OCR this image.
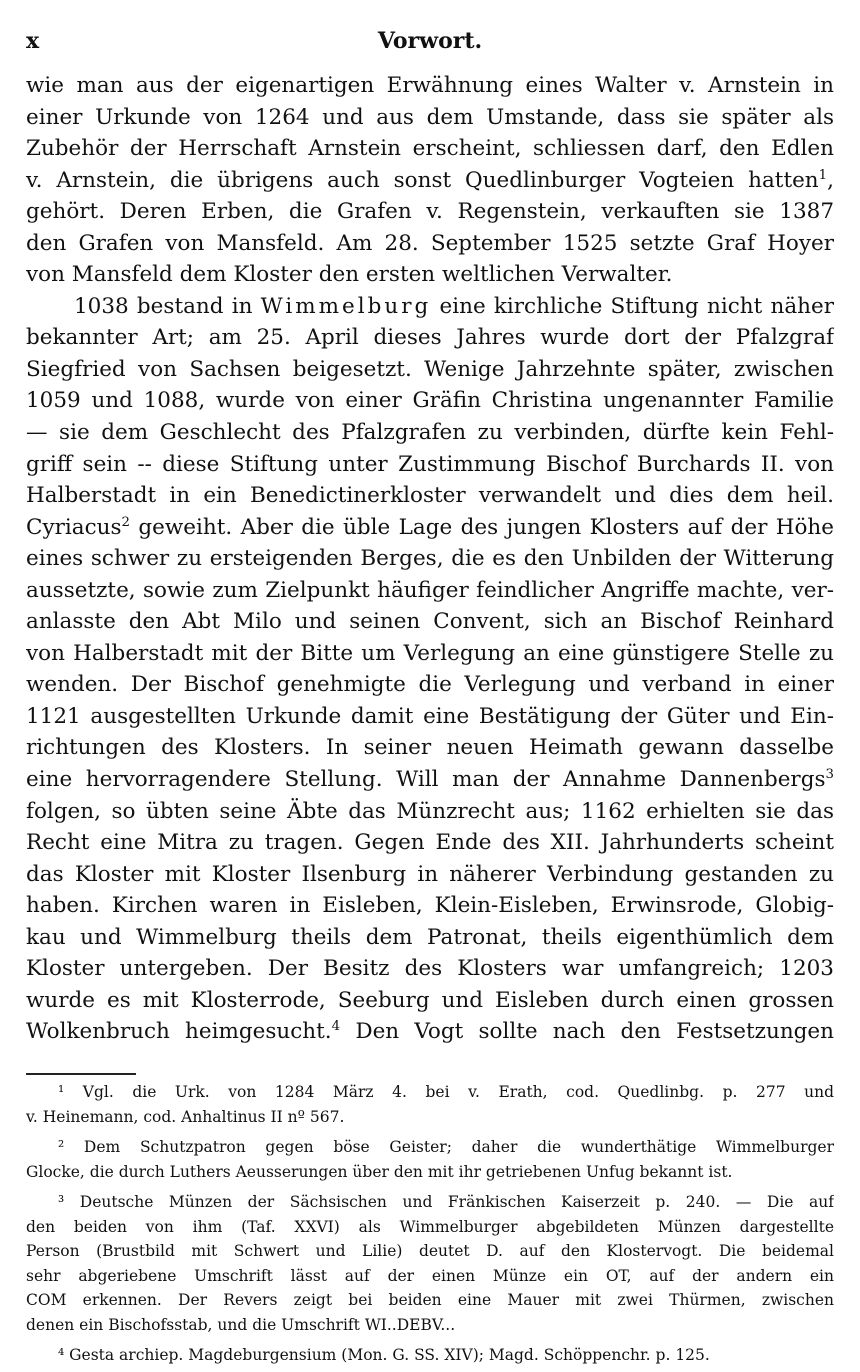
x	Vorwort.
wie man aus der eigenartigen Erwähnung eines Walter v. Arnstein in
einer Urkunde von 1264 und aus dem Umstande, dass sie später als
Zubehör der Herrschaft Arnstein erscheint, schliessen darf, den Edlen
v. Arnstein, die übrigens auch sonst Quedlinburger Vogteien hatten$^1$,
gehört. Deren Erben, die Grafen v. Regenstein, verkauften sie 1387
den Grafen von Mansfeld. Am 28. September 1525 setzte Graf Hoyer
von Mansfeld dem Kloster den ersten weltlichen Verwalter.
1038 bestand in Wimmelburg eine kirchliche Stiftung nicht näher
bekannter Art; am 25. April dieses Jahres wurde dort der Pfalzgraf
Siegfried von Sachsen beigesetzt. Wenige Jahrzehnte später, zwischen
1059 und 1088, wurde von einer Gräfin Christina ungenannter Familie
— sie dem Geschlecht des Pfalzgrafen zu verbinden, dürfte kein Fehl-
griff sein -- diese Stiftung unter Zustimmung Bischof Burchards II. von
Halberstadt in ein Benedictinerkloster verwandelt und dies dem heil.
Cyriacus$^2$ geweiht. Aber die üble Lage des jungen Klosters auf der Höhe
eines schwer zu ersteigenden Berges, die es den Unbilden der Witterung
aussetzte, sowie zum Zielpunkt häufiger feindlicher Angriffe machte, ver-
anlasste den Abt Milo und seinen Convent, sich an Bischof Reinhard
von Halberstadt mit der Bitte um Verlegung an eine günstigere Stelle zu
wenden. Der Bischof genehmigte die Verlegung und verband in einer
1121 ausgestellten Urkunde damit eine Bestätigung der Güter und Ein-
richtungen des Klosters. In seiner neuen Heimath gewann dasselbe
eine hervorragendere Stellung. Will man der Annahme Dannenbergs$^3$
folgen, so übten seine Äbte das Münzrecht aus; 1162 erhielten sie das
Recht eine Mitra zu tragen. Gegen Ende des XII. Jahrhunderts scheint
das Kloster mit Kloster Ilsenburg in näherer Verbindung gestanden zu
haben. Kirchen waren in Eisleben, Klein-Eisleben, Erwinsrode, Globig-
kau und Wimmelburg theils dem Patronat, theils eigenthümlich dem
Kloster untergeben. Der Besitz des Klosters war umfangreich; 1203
wurde es mit Klosterrode, Seeburg und Eisleben durch einen grossen
Wolkenbruch heimgesucht.$^4$ Den Vogt sollte nach den Festsetzungen
¹ Vgl. die Urk. von 1284 März 4. bei v. Erath, cod. Quedlinbg. p. 277 und
v. Heinemann, cod. Anhaltinus II nº 567.
² Dem Schutzpatron gegen böse Geister; daher die wunderthätige Wimmelburger
Glocke, die durch Luthers Aeusserungen über den mit ihr getriebenen Unfug bekannt ist.
³ Deutsche Münzen der Sächsischen und Fränkischen Kaiserzeit p. 240. — Die auf
den beiden von ihm (Taf. XXVI) als Wimmelburger abgebildeten Münzen dargestellte
Person (Brustbild mit Schwert und Lilie) deutet D. auf den Klostervogt. Die beidemal
sehr abgeriebene Umschrift lässt auf der einen Münze ein OT, auf der andern ein
COM erkennen. Der Revers zeigt bei beiden eine Mauer mit zwei Thürmen, zwischen
denen ein Bischofsstab, und die Umschrift WI..DEBV...
⁴ Gesta archiep. Magdeburgensium (Mon. G. SS. XIV); Magd. Schöppenchr. p. 125.
